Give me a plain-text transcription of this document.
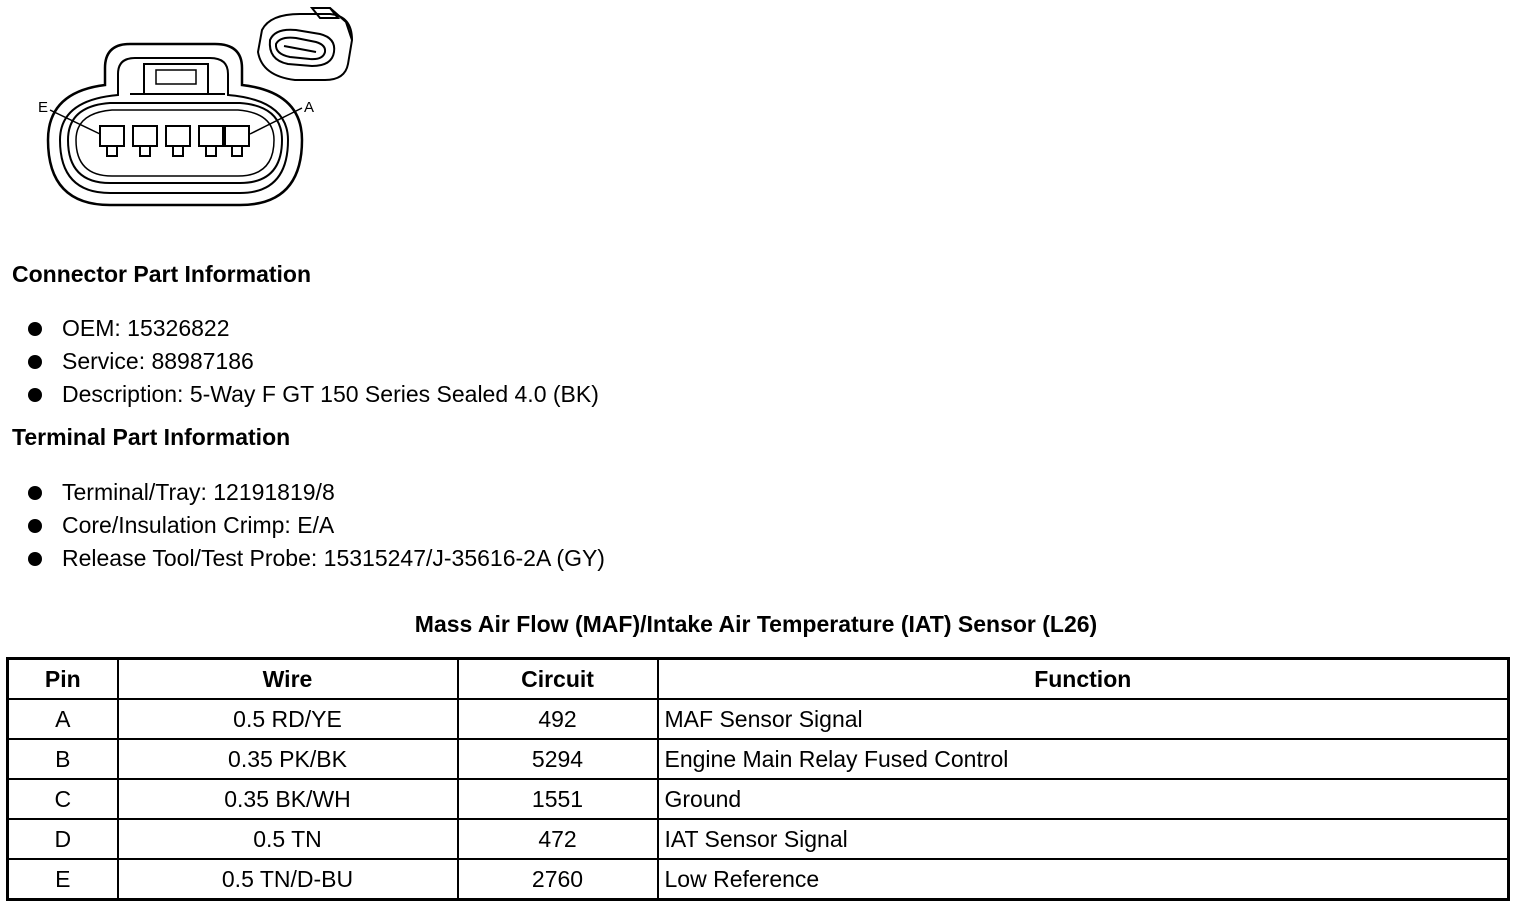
E	A
Connector Part Information
OEM: 15326822
Service: 88987186
Description: 5-Way F GT 150 Series Sealed 4.0 (BK)
Terminal Part Information
Terminal/Tray: 12191819/8
Core/Insulation Crimp: E/A
Release Tool/Test Probe: 15315247/J-35616-2A (GY)
Mass Air Flow (MAF)/Intake Air Temperature (IAT) Sensor (L26)
Pin	Wire	Circuit	Function
A	0.5 RD/YE	492	MAF Sensor Signal
B	0.35 PK/BK	5294	Engine Main Relay Fused Control
C	0.35 BK/WH	1551	Ground
D	0.5 TN	472	IAT Sensor Signal
E	0.5 TN/D-BU	2760	Low Reference
